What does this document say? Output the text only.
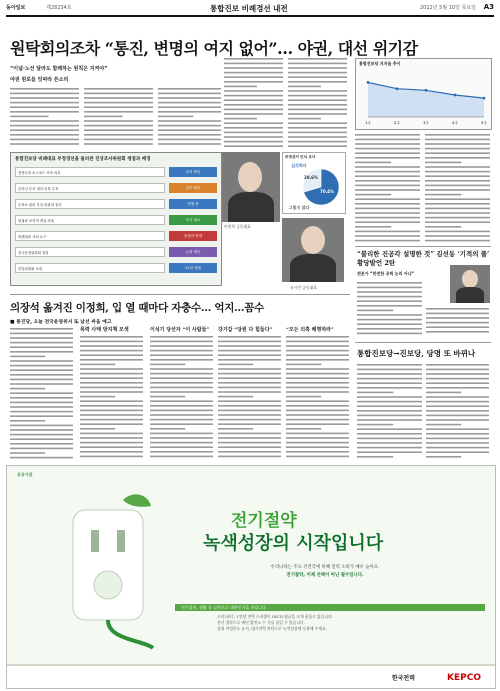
동아일보	제28234호	통합진보 비례경선 내전	2012년 5월 10일 목요일 A3
원탁회의조차 “통진, 변명의 여지 없어”… 야권, 대선 위기감
“이념·노선 달라도 함께하는 원칙은 지켜야”
야권 원로들 잇따라 쓴소리
통합진보당 지지율 추이
1주	2주	3주	4주	5주
통합진보당 비례대표 부정경선을 둘러싼 진상조사위원회 쟁점과 배경
현장투표 소스코드 조작 의혹	조작 확인
온라인 투표 대리·중복 투표	일부 확인
투표소 관리 부실·선관위 불신	진행 중
당권파 조직적 개입 의혹	조사 필요
비례대표 사퇴 요구	당권파 반대
전국운영위원회 결정	논란 계속
중앙위원회 소집	12일 예정
이정희 공동대표
부정선거 인식 조사
70.4%
29.6%
심각하다
그렇지 않다
유시민 공동대표
“불리한 진공각 설명한 것” 김선동 ‘기적의 풀’ 황당발언 2탄
전문가 “완전한 공학 논리 아냐”
통합진보당→진보당, 당명 또 바뀌나
의장석 옮겨진 이정희, 입 열 때마다 자충수… 억지…꼼수
■ 통진당, 오늘 전국운영위서 또 날선 싸움 예고
폭력 사태 방지책 모색	이석기 당선자 “이 사람들” 강기갑 “당원 다 힘들다”	“모든 의혹 해명하라”
공공기관
전기절약
녹색성장의 시작입니다
우리나라는 주요 선진국에 비해 전력 소비가 매우 높아요.
전기절약, 이제 선택이 아닌 필수입니다.
전기절약, 생활 속 실천으로 대한민국을 지킵니다
우리나라는 1인당 전력 소비량이 OECD 평균을 크게 웃돌고 있습니다.
전기 절약으로 매년 발전소 수 기를 줄일 수 있습니다.
실내 적정온도 유지, 대기전력 차단으로 녹색성장에 동참해 주세요.
한국전력	KEPCO
